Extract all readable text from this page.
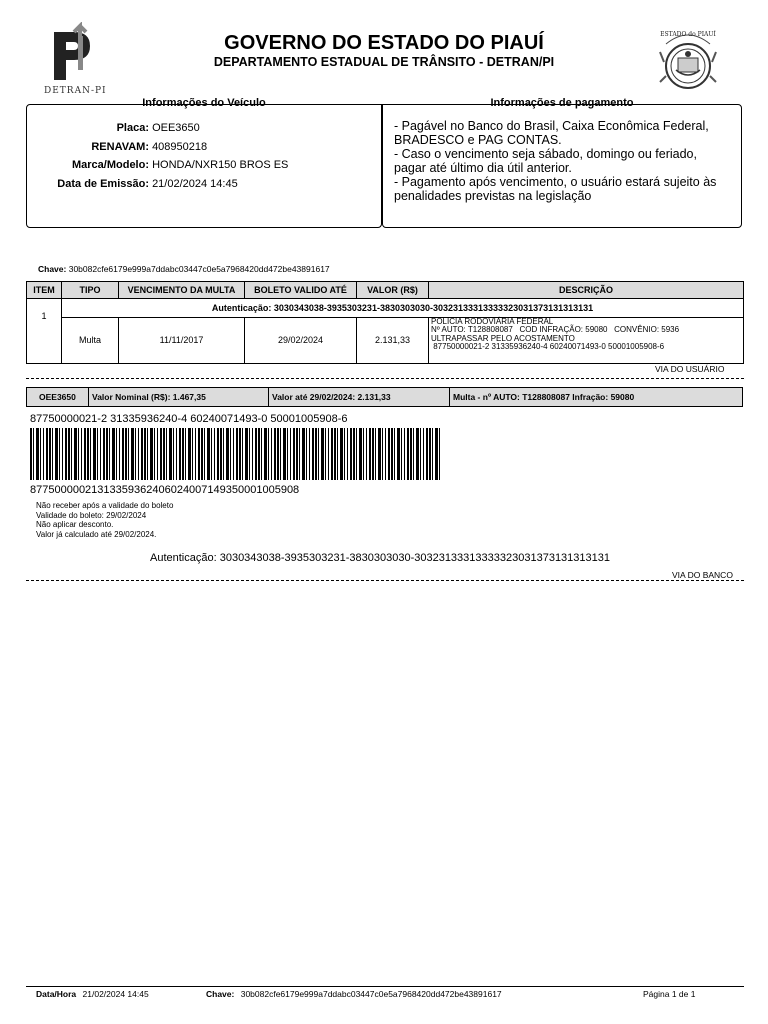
DETRAN-PI
GOVERNO DO ESTADO DO PIAUÍ
DEPARTAMENTO ESTADUAL DE TRÂNSITO - DETRAN/PI
ESTADO do PIAUÍ
Informações do Veículo	Informações de pagamento
Placa: OEE3650
RENAVAM: 408950218
Marca/Modelo: HONDA/NXR150 BROS ES
Data de Emissão: 21/02/2024 14:45
- Pagável no Banco do Brasil, Caixa Econômica Federal,
BRADESCO e PAG CONTAS.
- Caso o vencimento seja sábado, domingo ou feriado,
pagar até último dia útil anterior.
- Pagamento após vencimento, o usuário estará sujeito às
penalidades previstas na legislação
Chave: 30b082cfe6179e999a7ddabc03447c0e5a7968420dd472be43891617
ITEM	TIPO	VENCIMENTO DA MULTA	BOLETO VALIDO ATÉ	VALOR (R$)	DESCRIÇÃO
1	Autenticação: 3030343038-3935303231-3830303030-30323133313333323031373131313131				
	Multa	11/11/2017	29/02/2024	2.131,33	POLICIA RODOVIÁRIA FEDERAL
Nº AUTO: T128808087   COD INFRAÇÃO: 59080   CONVÊNIO: 5936
ULTRAPASSAR PELO ACOSTAMENTO
87750000021-2 31335936240-4 60240071493-0 50001005908-6
VIA DO USUÁRIO
OEE3650	Valor Nominal (R$): 1.467,35	Valor até 29/02/2024: 2.131,33	Multa - nº AUTO: T128808087 Infração: 59080
87750000021-2 31335936240-4 60240071493-0 50001005908-6
87750000021313359362406024007149350001005908
Não receber após a validade do boleto
Validade do boleto: 29/02/2024
Não aplicar desconto.
Valor já calculado até 29/02/2024.
Autenticação: 3030343038-3935303231-3830303030-30323133313333323031373131313131
VIA DO BANCO
Data/Hora 21/02/2024 14:45	Chave: 30b082cfe6179e999a7ddabc03447c0e5a7968420dd472be43891617	Página 1 de 1
